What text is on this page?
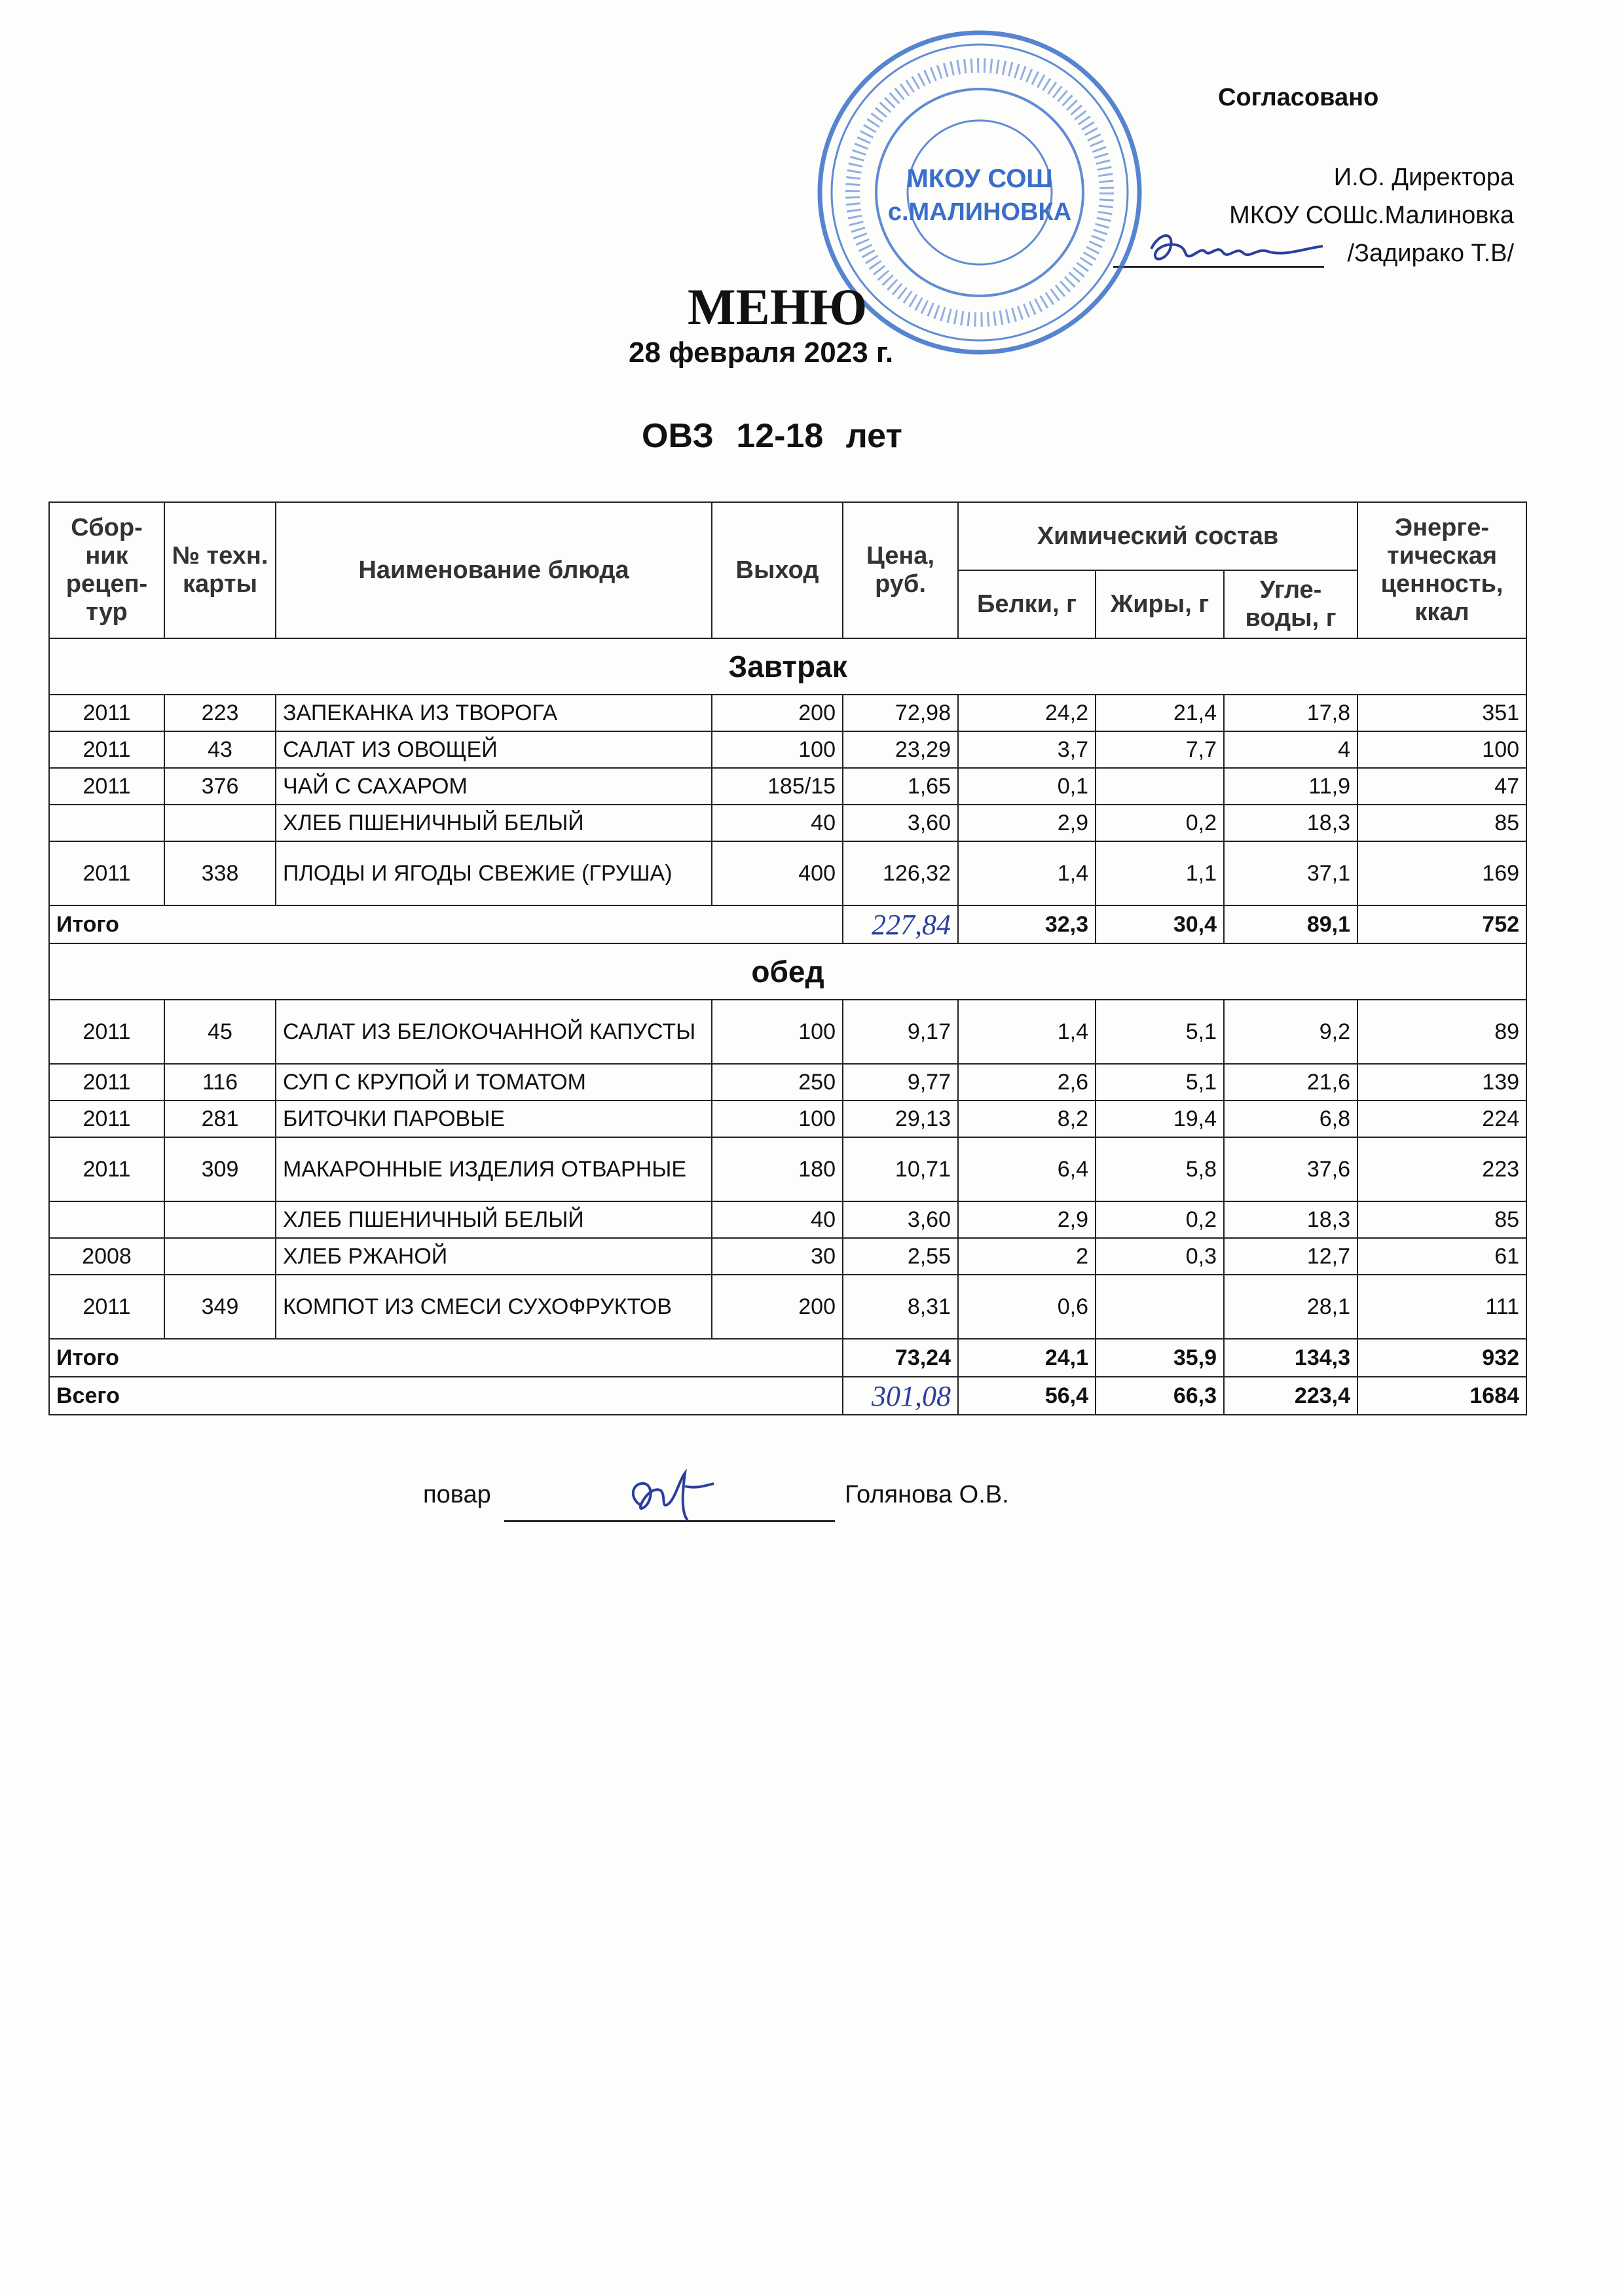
Согласовано
И.О. Директора
МКОУ СОШс.Малиновка
/Задирако Т.В/
МКОУ СОШ
с.МАЛИНОВКА
МЕНЮ
28 февраля 2023 г.
ОВЗ 12-18 лет
Сбор-ник рецеп-тур	№ техн. карты	Наименование блюда	Выход	Цена, руб.	Химический состав			Энерге-тическая ценность, ккал
					Белки, г	Жиры, г	Угле-воды, г	
Завтрак								
2011	223	ЗАПЕКАНКА ИЗ ТВОРОГА	200	72,98	24,2	21,4	17,8	351
2011	43	САЛАТ ИЗ ОВОЩЕЙ	100	23,29	3,7	7,7	4	100
2011	376	ЧАЙ С САХАРОМ	185/15	1,65	0,1		11,9	47
		ХЛЕБ ПШЕНИЧНЫЙ БЕЛЫЙ	40	3,60	2,9	0,2	18,3	85
2011	338	ПЛОДЫ И ЯГОДЫ СВЕЖИЕ (ГРУША)	400	126,32	1,4	1,1	37,1	169
Итого				227,84	32,3	30,4	89,1	752
обед								
2011	45	САЛАТ ИЗ БЕЛОКОЧАННОЙ КАПУСТЫ	100	9,17	1,4	5,1	9,2	89
2011	116	СУП С КРУПОЙ И ТОМАТОМ	250	9,77	2,6	5,1	21,6	139
2011	281	БИТОЧКИ ПАРОВЫЕ	100	29,13	8,2	19,4	6,8	224
2011	309	МАКАРОННЫЕ ИЗДЕЛИЯ ОТВАРНЫЕ	180	10,71	6,4	5,8	37,6	223
		ХЛЕБ ПШЕНИЧНЫЙ БЕЛЫЙ	40	3,60	2,9	0,2	18,3	85
2008		ХЛЕБ РЖАНОЙ	30	2,55	2	0,3	12,7	61
2011	349	КОМПОТ ИЗ СМЕСИ СУХОФРУКТОВ	200	8,31	0,6		28,1	111
Итого				73,24	24,1	35,9	134,3	932
Всего				301,08	56,4	66,3	223,4	1684
повар	Голянова О.В.
